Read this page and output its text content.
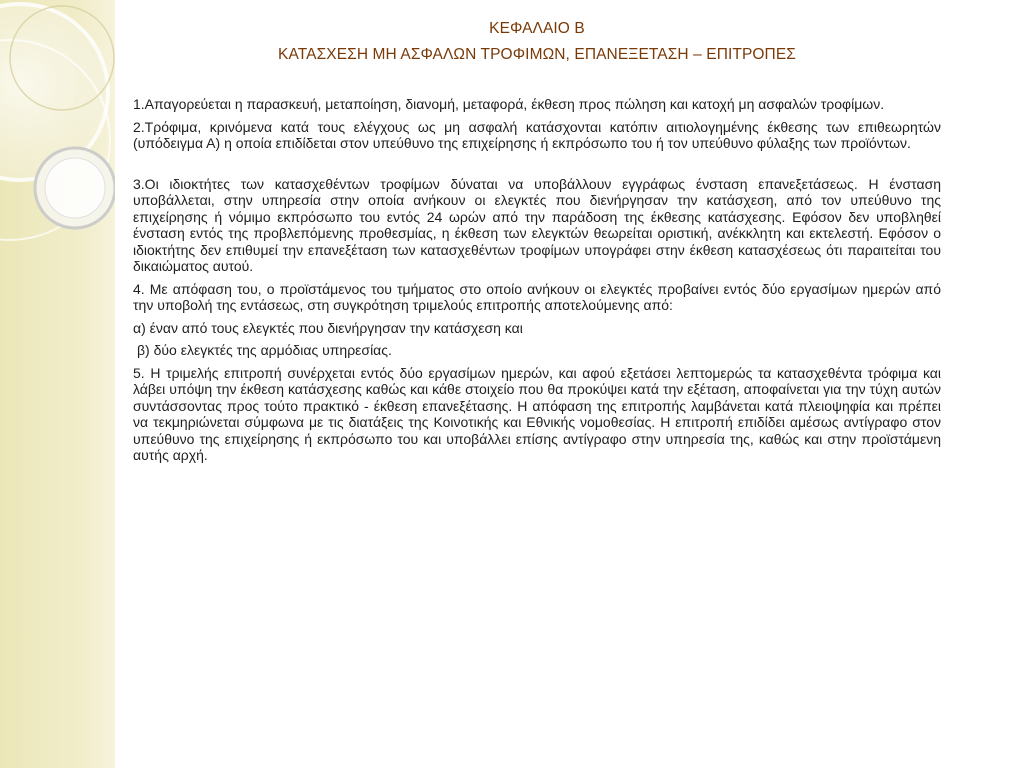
ΚΕΦΑΛΑΙΟ Β
ΚΑΤΑΣΧΕΣΗ ΜΗ ΑΣΦΑΛΩΝ ΤΡΟΦΙΜΩΝ, ΕΠΑΝΕΞΕΤΑΣΗ – ΕΠΙΤΡΟΠΕΣ

1.Απαγορεύεται η παρασκευή, μεταποίηση, διανομή, μεταφορά, έκθεση προς πώληση και κατοχή μη ασφαλών τροφίμων.

2.Τρόφιμα, κρινόμενα κατά τους ελέγχους ως μη ασφαλή κατάσχονται κατόπιν αιτιολογημένης έκθεσης των επιθεωρητών (υπόδειγμα Α) η οποία επιδίδεται στον υπεύθυνο της επιχείρησης ή εκπρόσωπο του ή τον υπεύθυνο φύλαξης των προϊόντων.

3.Οι ιδιοκτήτες των κατασχεθέντων τροφίμων δύναται να υποβάλλουν εγγράφως ένσταση επανεξετάσεως. Η ένσταση υποβάλλεται, στην υπηρεσία στην οποία ανήκουν οι ελεγκτές που διενήργησαν την κατάσχεση, από τον υπεύθυνο της επιχείρησης ή νόμιμο εκπρόσωπο του εντός 24 ωρών από την παράδοση της έκθεσης κατάσχεσης. Εφόσον δεν υποβληθεί ένσταση εντός της προβλεπόμενης προθεσμίας, η έκθεση των ελεγκτών θεωρείται οριστική, ανέκκλητη και εκτελεστή. Εφόσον ο ιδιοκτήτης δεν επιθυμεί την επανεξέταση των κατασχεθέντων τροφίμων υπογράφει στην έκθεση κατασχέσεως ότι παραιτείται του δικαιώματος αυτού.

4. Με απόφαση του, ο προϊστάμενος του τμήματος στο οποίο ανήκουν οι ελεγκτές προβαίνει εντός δύο εργασίμων ημερών από την υποβολή της εντάσεως, στη συγκρότηση τριμελούς επιτροπής αποτελούμενης από:

α) έναν από τους ελεγκτές που διενήργησαν την κατάσχεση και

β) δύο ελεγκτές της αρμόδιας υπηρεσίας.

5. Η τριμελής επιτροπή συνέρχεται εντός δύο εργασίμων ημερών, και αφού εξετάσει λεπτομερώς τα κατασχεθέντα τρόφιμα και λάβει υπόψη την έκθεση κατάσχεσης καθώς και κάθε στοιχείο που θα προκύψει κατά την εξέταση, αποφαίνεται για την τύχη αυτών συντάσσοντας προς τούτο πρακτικό - έκθεση επανεξέτασης. Η απόφαση της επιτροπής λαμβάνεται κατά πλειοψηφία και πρέπει να τεκμηριώνεται σύμφωνα με τις διατάξεις της Κοινοτικής και Εθνικής νομοθεσίας. Η επιτροπή επιδίδει αμέσως αντίγραφο στον υπεύθυνο της επιχείρησης ή εκπρόσωπο του και υποβάλλει επίσης αντίγραφο στην υπηρεσία της, καθώς και στην προϊστάμενη αυτής αρχή.
